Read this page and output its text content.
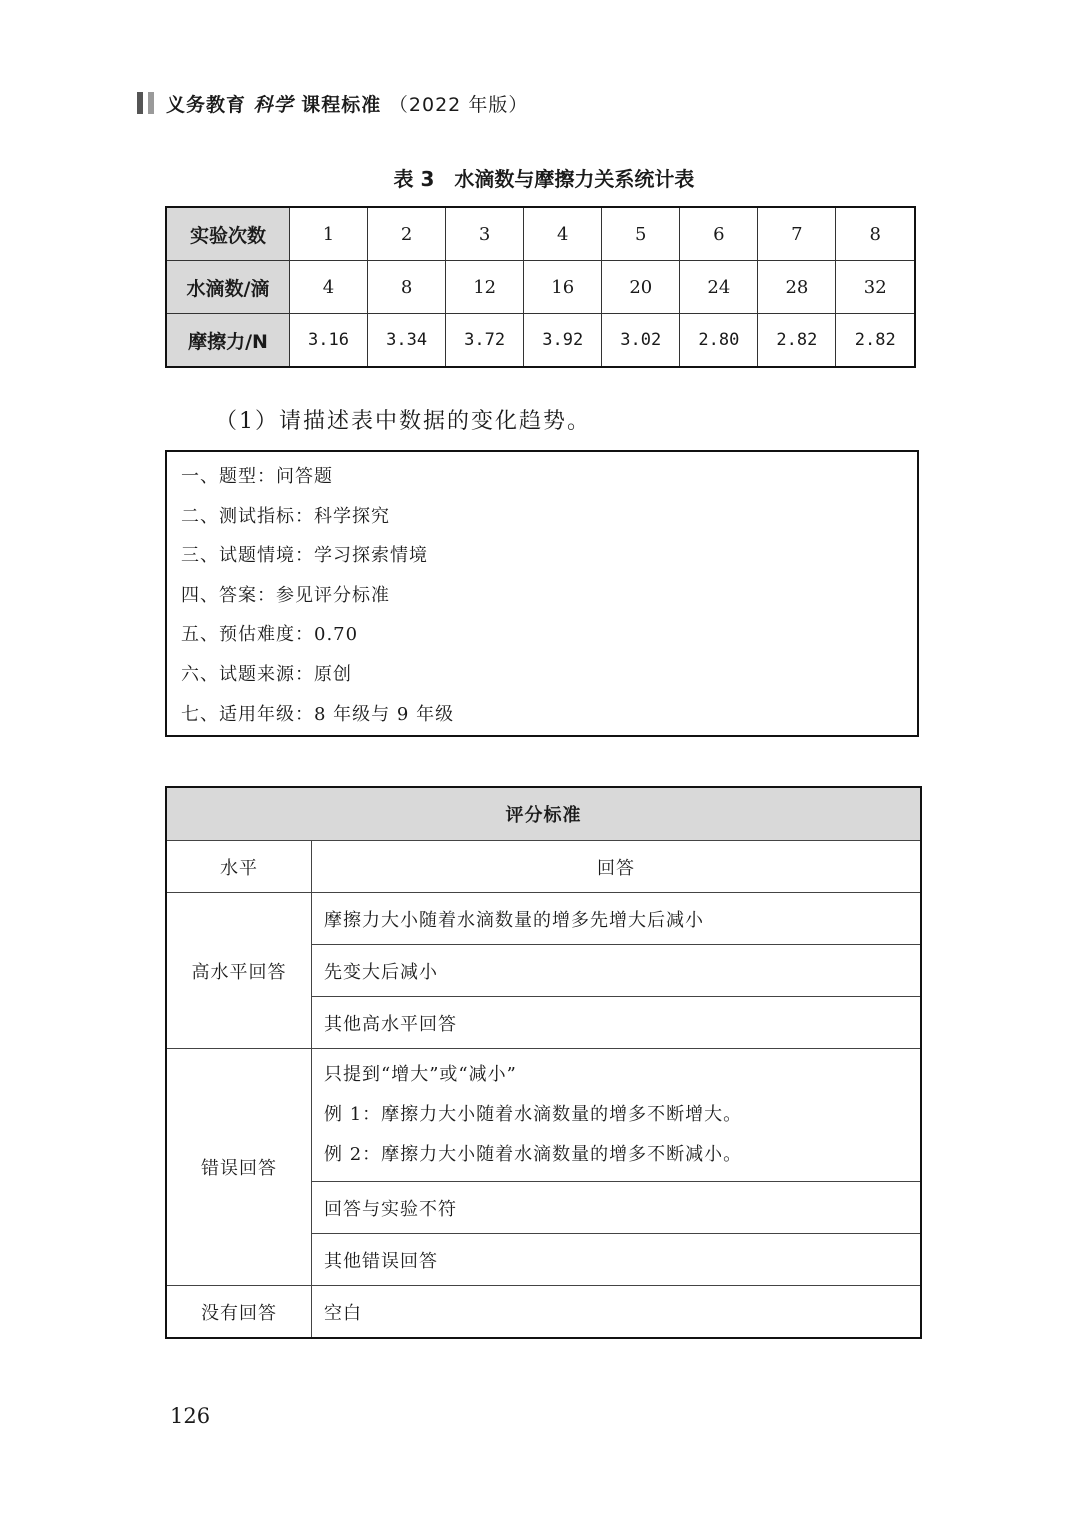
义务教育 科学 课程标准 （2022 年版）
表 3　水滴数与摩擦力关系统计表
实验次数	1	2	3	4	5	6	7	8
水滴数/滴	4	8	12	16	20	24	28	32
摩擦力/N	3.16	3.34	3.72	3.92	3.02	2.80	2.82	2.82
（1）请描述表中数据的变化趋势。
一、题型：问答题
二、测试指标：科学探究
三、试题情境：学习探索情境
四、答案：参见评分标准
五、预估难度：0.70
六、试题来源：原创
七、适用年级：8 年级与 9 年级
评分标准	
水平	回答
高水平回答	摩擦力大小随着水滴数量的增多先增大后减小
	先变大后减小
	其他高水平回答
错误回答	只提到“增大”或“减小”
例 1：摩擦力大小随着水滴数量的增多不断增大。
例 2：摩擦力大小随着水滴数量的增多不断减小。

	回答与实验不符
	其他错误回答
没有回答	空白
126
